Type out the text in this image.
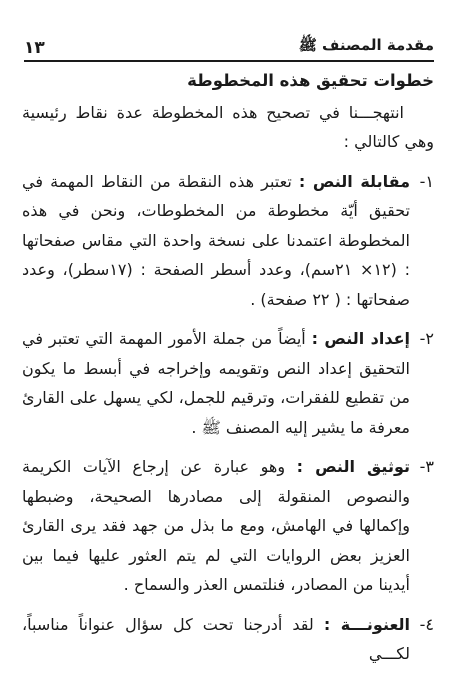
مقدمة المصنف ﷺ
١٣

خطوات تحقيق هذه المخطوطة

انتهجـــنا في تصحيح هذه المخطوطة عدة نقاط رئيسية وهي كالتالي :

١-
مقابلة النص : تعتبر هذه النقطة من النقاط المهمة في تحقيق أيّة مخطوطة من المخطوطات، ونحن في هذه المخطوطة اعتمدنا على نسخة واحدة التي مقاس صفحاتها : (١٢× ٢١سم)، وعدد أسطر الصفحة : (١٧سطر)، وعدد صفحاتها : ( ٢٢ صفحة) .

٢-
إعداد النص : أيضاً من جملة الأمور المهمة التي تعتبر في التحقيق إعداد النص وتقويمه وإخراجه في أبسط ما يكون من تقطيع للفقرات، وترقيم للجمل، لكي يسهل على القارئ معرفة ما يشير إليه المصنف ﷺ .

٣-
توثيق النص : وهو عبارة عن إرجاع الآيات الكريمة والنصوص المنقولة إلى مصادرها الصحيحة، وضبطها وإكمالها في الهامش، ومع ما بذل من جهد فقد يرى القارئ العزيز بعض الروايات التي لم يتم العثور عليها فيما بين أيدينا من المصادر، فنلتمس العذر والسماح .

٤-
العنونـــة : لقد أدرجنا تحت كل سؤال عنواناً مناسباً، لكـــي
